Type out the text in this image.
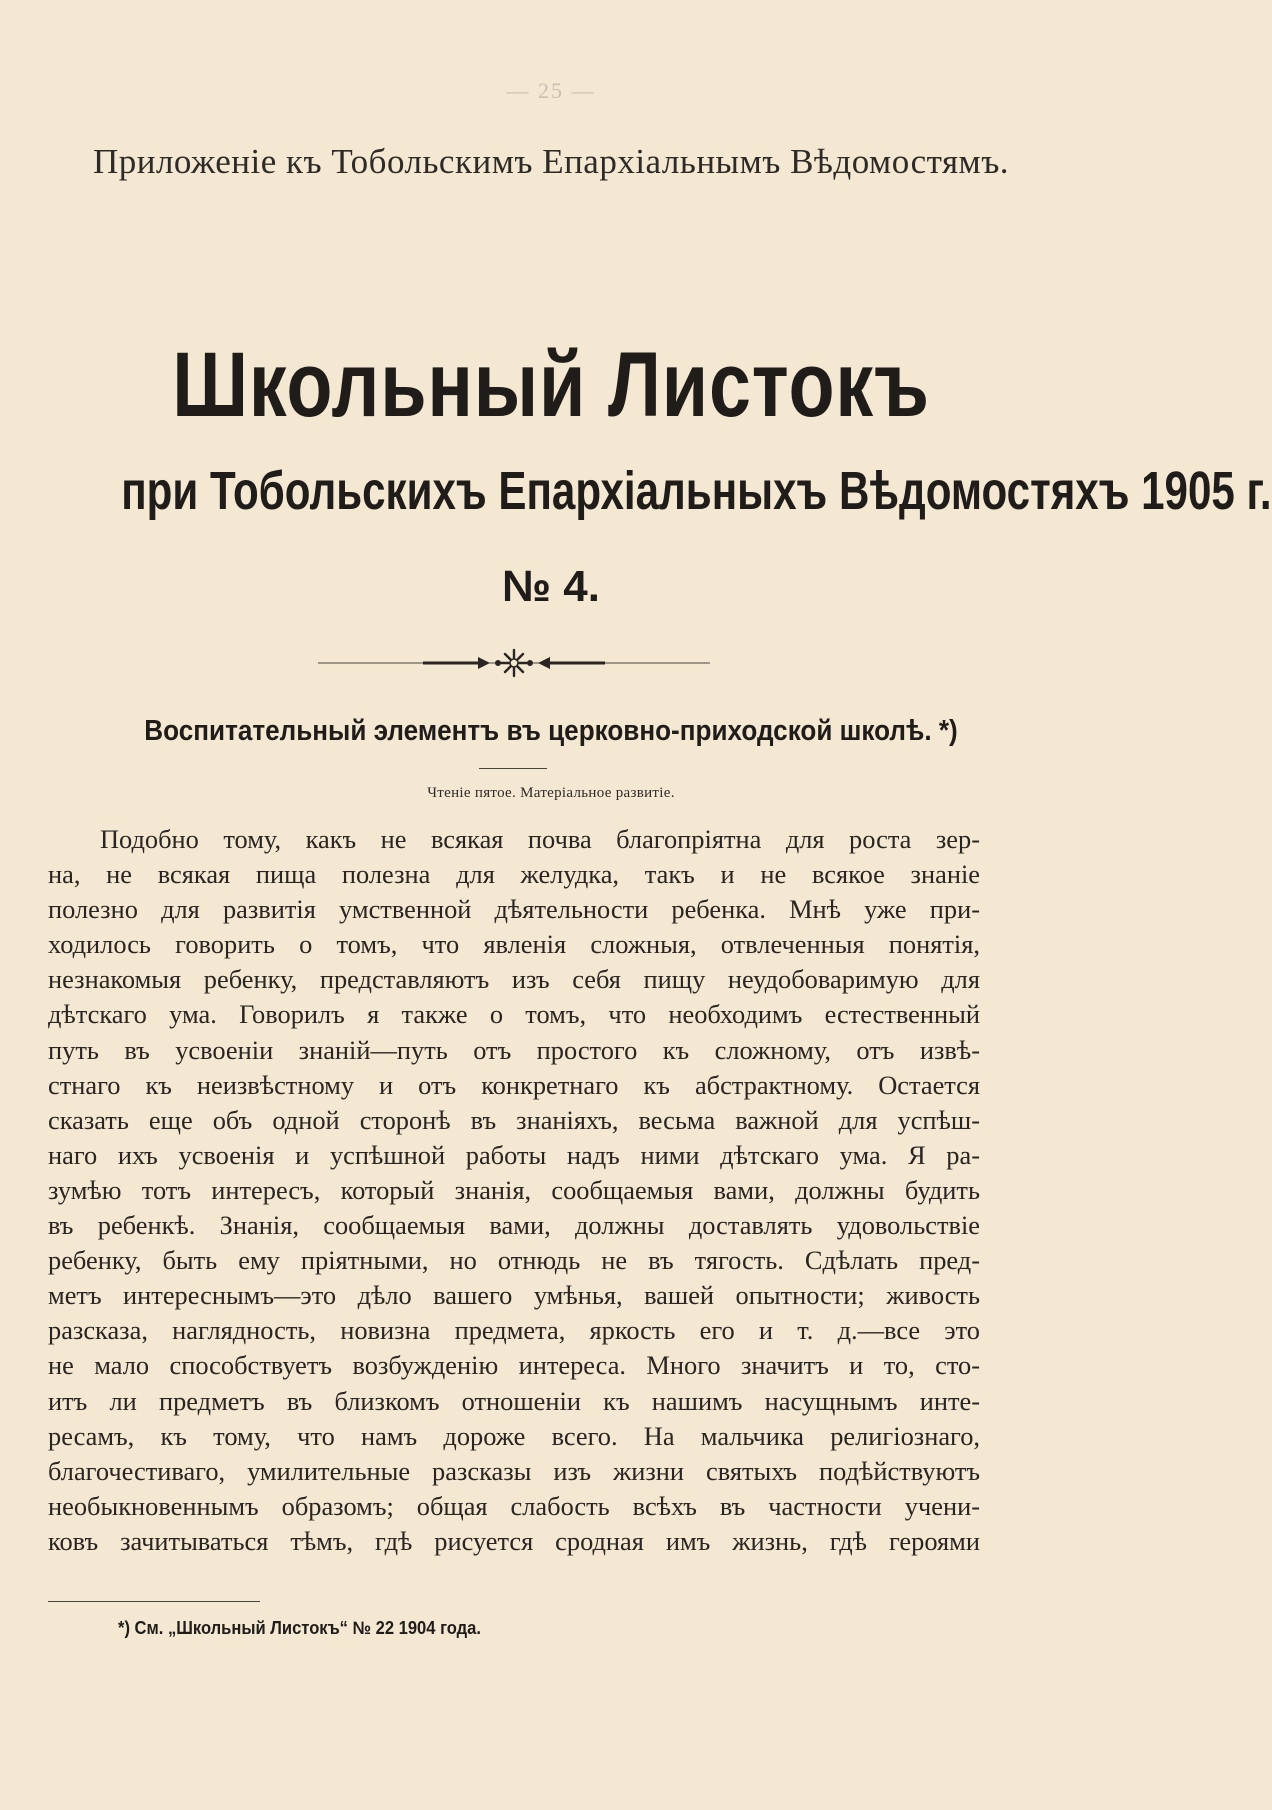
— 25 —
Приложенiе къ Тобольскимъ Епархiальнымъ Вѣдомостямъ.
Школьный Листокъ
при Тобольскихъ Епархiальныхъ Вѣдомостяхъ 1905 г.
№ 4.
Воспитательный элементъ въ церковно-приходской школѣ. *)
Чтенiе пятое. Матерiальное развитiе.
Подобно тому, какъ не всякая почва благопрiятна для роста зер-
на, не всякая пища полезна для желудка, такъ и не всякое знанiе
полезно для развитiя умственной дѣятельности ребенка. Мнѣ уже при-
ходилось говорить о томъ, что явленiя сложныя, отвлеченныя понятiя,
незнакомыя ребенку, представляютъ изъ себя пищу неудобоваримую для
дѣтскаго ума. Говорилъ я также о томъ, что необходимъ естественный
путь въ усвоенiи знанiй—путь отъ простого къ сложному, отъ извѣ-
стнаго къ неизвѣстному и отъ конкретнаго къ абстрактному. Остается
сказать еще объ одной сторонѣ въ знанiяхъ, весьма важной для успѣш-
наго ихъ усвоенiя и успѣшной работы надъ ними дѣтскаго ума. Я ра-
зумѣю тотъ интересъ, который знанiя, сообщаемыя вами, должны будить
въ ребенкѣ. Знанiя, сообщаемыя вами, должны доставлять удовольствiе
ребенку, быть ему прiятными, но отнюдь не въ тягость. Сдѣлать пред-
метъ интереснымъ—это дѣло вашего умѣнья, вашей опытности; живость
разсказа, наглядность, новизна предмета, яркость его и т. д.—все это
не мало способствуетъ возбужденiю интереса. Много значитъ и то, сто-
итъ ли предметъ въ близкомъ отношенiи къ нашимъ насущнымъ инте-
ресамъ, къ тому, что намъ дороже всего. На мальчика религiознаго,
благочестиваго, умилительные разсказы изъ жизни святыхъ подѣйствуютъ
необыкновеннымъ образомъ; общая слабость всѣхъ въ частности учени-
ковъ зачитываться тѣмъ, гдѣ рисуется сродная имъ жизнь, гдѣ героями
*) См. „Школьный Листокъ“ № 22 1904 года.
